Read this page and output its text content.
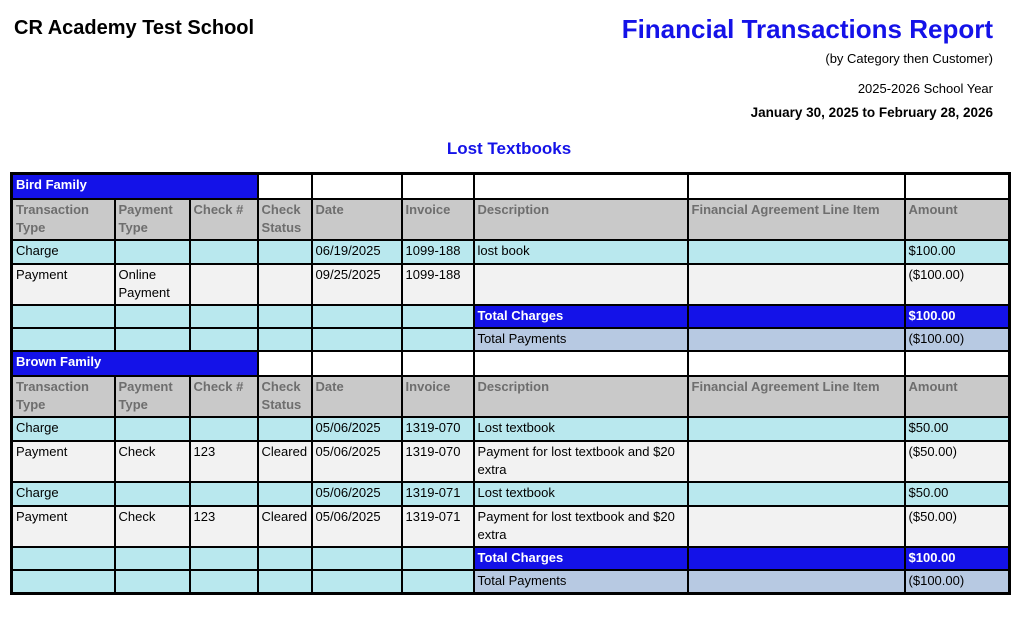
CR Academy Test School	Financial Transactions Report
(by Category then Customer)
2025-2026 School Year
January 30, 2025 to February 28, 2026
Lost Textbooks
Bird Family								
Transaction Type	Payment Type	Check #	Check Status	Date	Invoice	Description	Financial Agreement Line Item	Amount
Charge				06/19/2025	1099-188	lost book		$100.00
Payment	Online Payment			09/25/2025	1099-188			($100.00)
						Total Charges		$100.00
						Total Payments		($100.00)
Brown Family								
Transaction Type	Payment Type	Check #	Check Status	Date	Invoice	Description	Financial Agreement Line Item	Amount
Charge				05/06/2025	1319-070	Lost textbook		$50.00
Payment	Check	123	Cleared	05/06/2025	1319-070	Payment for lost textbook and $20 extra		($50.00)
Charge				05/06/2025	1319-071	Lost textbook		$50.00
Payment	Check	123	Cleared	05/06/2025	1319-071	Payment for lost textbook and $20 extra		($50.00)
						Total Charges		$100.00
						Total Payments		($100.00)
